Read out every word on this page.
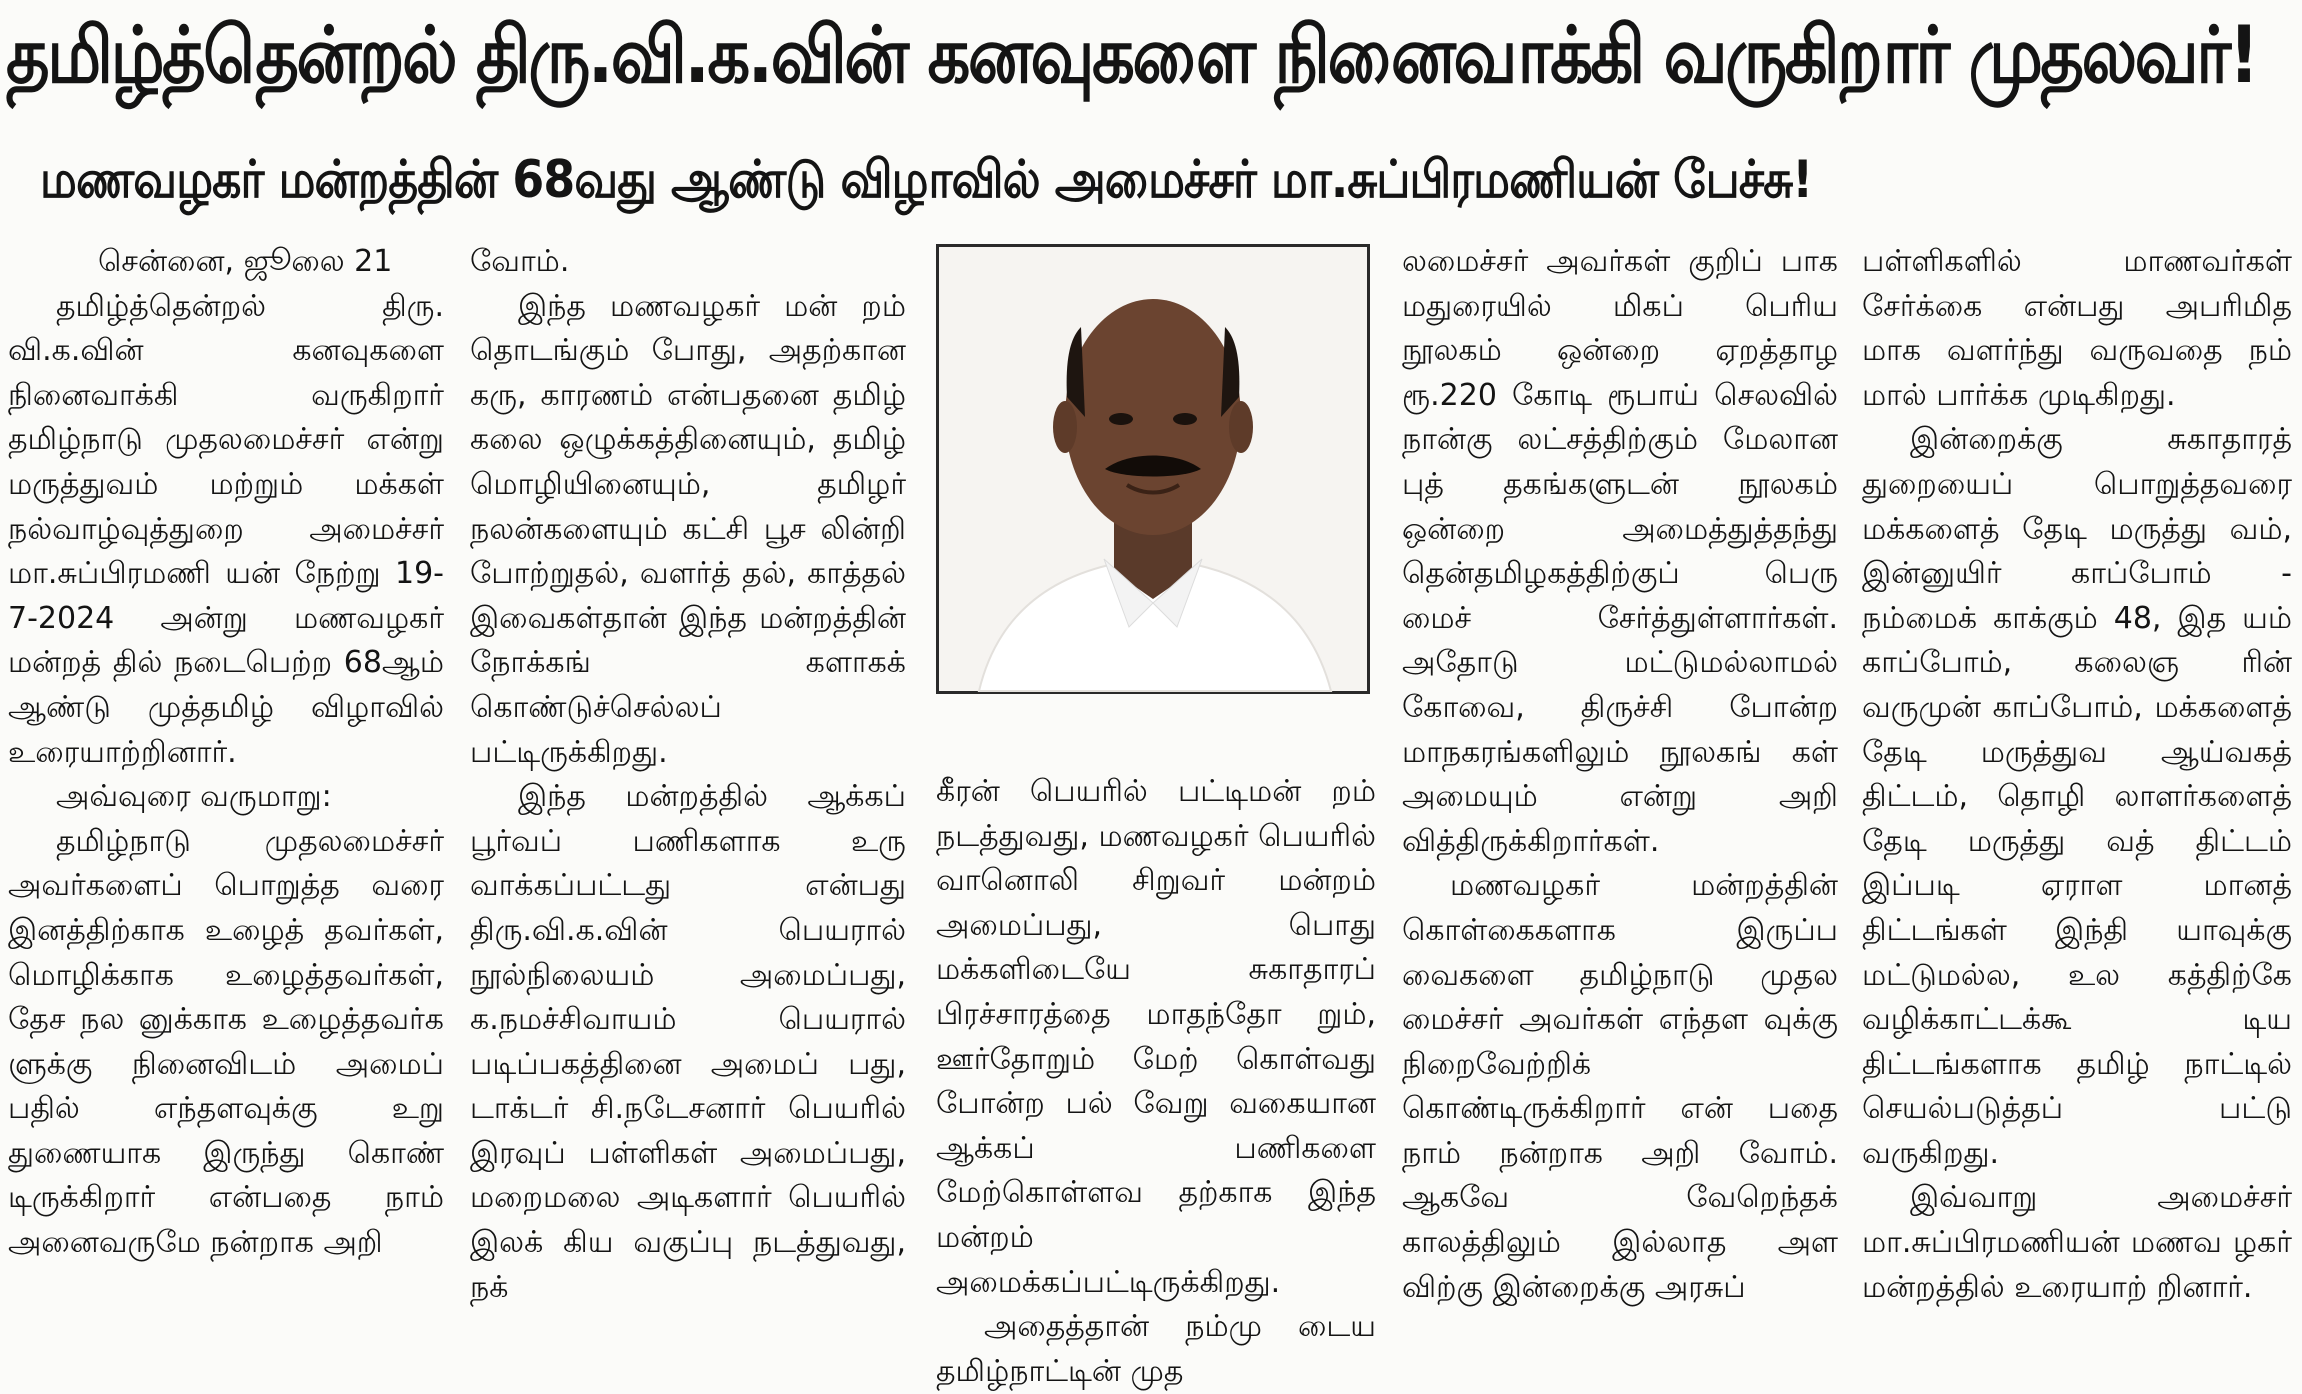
தமிழ்த்தென்றல் திரு.வி.க.வின் கனவுகளை நினைவாக்கி வருகிறார் முதலவர்!
மணவழகர் மன்றத்தின் 68வது ஆண்டு விழாவில் அமைச்சர் மா.சுப்பிரமணியன் பேச்சு!

சென்னை, ஜூலை 21

தமிழ்த்தென்றல் திரு. வி.க.வின் கனவுகளை நினைவாக்கி வருகிறார் தமிழ்நாடு முதலமைச்சர் என்று மருத்துவம் மற்றும் மக்கள் நல்வாழ்வுத்துறை அமைச்சர் மா.சுப்பிரமணி யன் நேற்று 19-7-2024 அன்று மணவழகர் மன்றத் தில் நடைபெற்ற 68ஆம் ஆண்டு முத்தமிழ் விழாவில் உரையாற்றினார்.

அவ்வுரை வருமாறு:

தமிழ்நாடு முதலமைச்சர் அவர்களைப் பொறுத்த வரை இனத்திற்காக உழைத் தவர்கள், மொழிக்காக உழைத்தவர்கள், தேச நல னுக்காக உழைத்தவர்க ளுக்கு நினைவிடம் அமைப் பதில் எந்தளவுக்கு உறு துணையாக இருந்து கொண் டிருக்கிறார் என்பதை நாம் அனைவருமே நன்றாக அறி

வோம்.

இந்த மணவழகர் மன் றம் தொடங்கும் போது, அதற்கான கரு, காரணம் என்பதனை தமிழ் கலை ஒழுக்கத்தினையும், தமிழ் மொழியினையும், தமிழர் நலன்களையும் கட்சி பூச லின்றி போற்றுதல், வளர்த் தல், காத்தல் இவைகள்தான் இந்த மன்றத்தின் நோக்கங் களாகக் கொண்டுச்செல்லப் பட்டிருக்கிறது.

இந்த மன்றத்தில் ஆக்கப் பூர்வப் பணிகளாக உரு வாக்கப்பட்டது என்பது திரு.வி.க.வின் பெயரால் நூல்நிலையம் அமைப்பது, க.நமச்சிவாயம் பெயரால் படிப்பகத்தினை அமைப் பது, டாக்டர் சி.நடேசனார் பெயரில் இரவுப் பள்ளிகள் அமைப்பது, மறைமலை அடிகளார் பெயரில் இலக் கிய வகுப்பு நடத்துவது, நக்

கீரன் பெயரில் பட்டிமன் றம் நடத்துவது, மணவழகர் பெயரில் வானொலி சிறுவர் மன்றம் அமைப்பது, பொது மக்களிடையே சுகாதாரப் பிரச்சாரத்தை மாதந்தோ றும், ஊர்தோறும் மேற் கொள்வது போன்ற பல் வேறு வகையான ஆக்கப் பணிகளை மேற்கொள்ளவ தற்காக இந்த மன்றம் அமைக்கப்பட்டிருக்கிறது.

அதைத்தான் நம்மு டைய தமிழ்நாட்டின் முத

லமைச்சர் அவர்கள் குறிப் பாக மதுரையில் மிகப் பெரிய நூலகம் ஒன்றை ஏறத்தாழ ரூ.220 கோடி ரூபாய் செலவில் நான்கு லட்சத்திற்கும் மேலான புத் தகங்களுடன் நூலகம் ஒன்றை அமைத்துத்தந்து தென்தமிழகத்திற்குப் பெரு மைச் சேர்த்துள்ளார்கள். அதோடு மட்டுமல்லாமல் கோவை, திருச்சி போன்ற மாநகரங்களிலும் நூலகங் கள் அமையும் என்று அறி வித்திருக்கிறார்கள்.

மணவழகர் மன்றத்தின் கொள்கைகளாக இருப்ப வைகளை தமிழ்நாடு முதல மைச்சர் அவர்கள் எந்தள வுக்கு நிறைவேற்றிக் கொண்டிருக்கிறார் என் பதை நாம் நன்றாக அறி வோம். ஆகவே வேறெந்தக் காலத்திலும் இல்லாத அள விற்கு இன்றைக்கு அரசுப்

பள்ளிகளில் மாணவர்கள் சேர்க்கை என்பது அபரிமித மாக வளர்ந்து வருவதை நம் மால் பார்க்க முடிகிறது.

இன்றைக்கு சுகாதாரத் துறையைப் பொறுத்தவரை மக்களைத் தேடி மருத்து வம், இன்னுயிர் காப்போம் - நம்மைக் காக்கும் 48, இத யம் காப்போம், கலைஞ ரின் வருமுன் காப்போம், மக்களைத் தேடி மருத்துவ ஆய்வகத் திட்டம், தொழி லாளர்களைத் தேடி மருத்து வத் திட்டம் இப்படி ஏராள மானத் திட்டங்கள் இந்தி யாவுக்கு மட்டுமல்ல, உல கத்திற்கே வழிக்காட்டக்கூ டிய திட்டங்களாக தமிழ் நாட்டில் செயல்படுத்தப் பட்டு வருகிறது.

இவ்வாறு அமைச்சர் மா.சுப்பிரமணியன் மணவ ழகர் மன்றத்தில் உரையாற் றினார்.
